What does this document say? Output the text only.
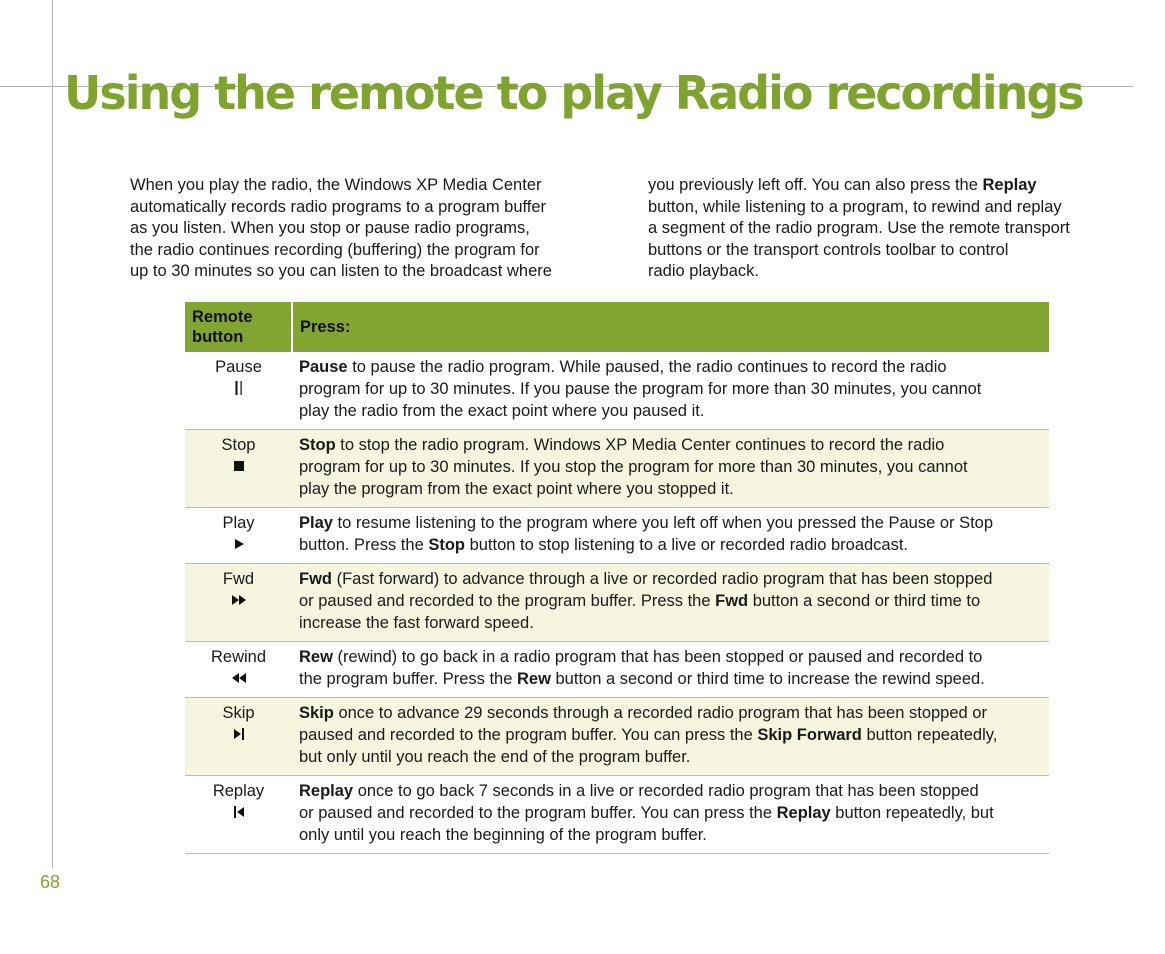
Using the remote to play Radio recordings

When you play the radio, the Windows XP Media Center
automatically records radio programs to a program buffer
as you listen. When you stop or pause radio programs,
the radio continues recording (buffering) the program for
up to 30 minutes so you can listen to the broadcast where

you previously left off. You can also press the Replay
button, while listening to a program, to rewind and replay
a segment of the radio program. Use the remote transport
buttons or the transport controls toolbar to control
radio playback.

Remote button	Press:

Pause	Pause to pause the radio program. While paused, the radio continues to record the radio
program for up to 30 minutes. If you pause the program for more than 30 minutes, you cannot
play the radio from the exact point where you paused it.

Stop	Stop to stop the radio program. Windows XP Media Center continues to record the radio
program for up to 30 minutes. If you stop the program for more than 30 minutes, you cannot
play the program from the exact point where you stopped it.

Play	Play to resume listening to the program where you left off when you pressed the Pause or Stop
button. Press the Stop button to stop listening to a live or recorded radio broadcast.

Fwd	Fwd (Fast forward) to advance through a live or recorded radio program that has been stopped
or paused and recorded to the program buffer. Press the Fwd button a second or third time to
increase the fast forward speed.

Rewind	Rew (rewind) to go back in a radio program that has been stopped or paused and recorded to
the program buffer. Press the Rew button a second or third time to increase the rewind speed.

Skip	Skip once to advance 29 seconds through a recorded radio program that has been stopped or
paused and recorded to the program buffer. You can press the Skip Forward button repeatedly,
but only until you reach the end of the program buffer.

Replay	Replay once to go back 7 seconds in a live or recorded radio program that has been stopped
or paused and recorded to the program buffer. You can press the Replay button repeatedly, but
only until you reach the beginning of the program buffer.

68
